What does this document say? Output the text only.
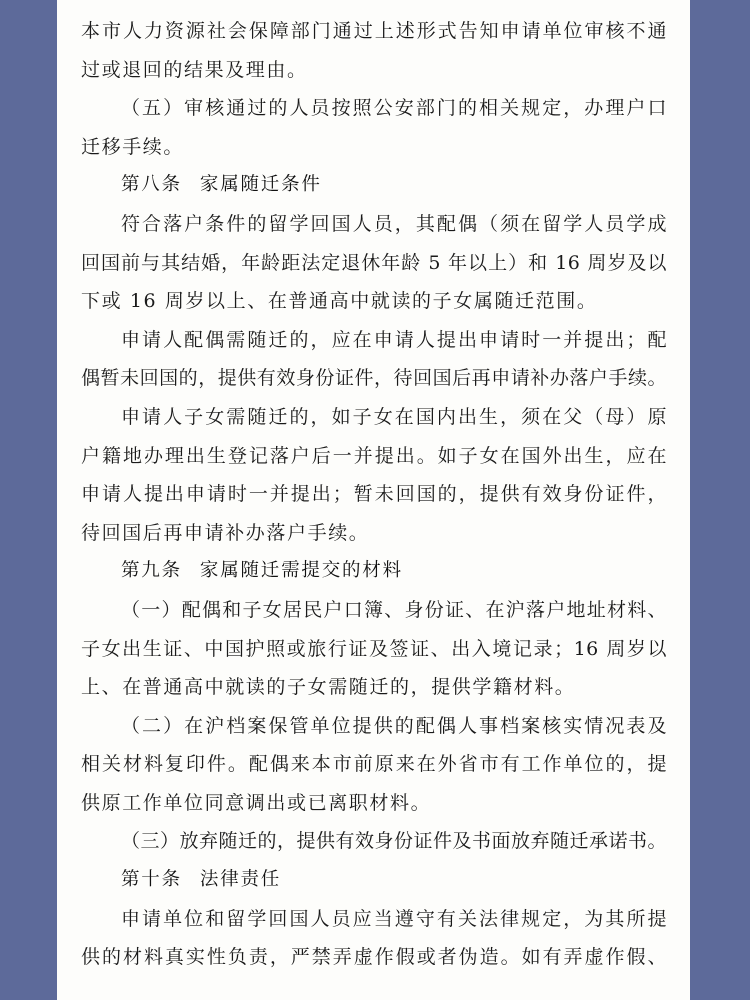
本市人力资源社会保障部门通过上述形式告知申请单位审核不通
过或退回的结果及理由。
（五）审核通过的人员按照公安部门的相关规定，办理户口
迁移手续。
第八条 家属随迁条件
符合落户条件的留学回国人员，其配偶（须在留学人员学成
回国前与其结婚，年龄距法定退休年龄 5 年以上）和 16 周岁及以
下或 16 周岁以上、在普通高中就读的子女属随迁范围。
申请人配偶需随迁的，应在申请人提出申请时一并提出；配
偶暂未回国的，提供有效身份证件，待回国后再申请补办落户手续。
申请人子女需随迁的，如子女在国内出生，须在父（母）原
户籍地办理出生登记落户后一并提出。如子女在国外出生，应在
申请人提出申请时一并提出；暂未回国的，提供有效身份证件，
待回国后再申请补办落户手续。
第九条 家属随迁需提交的材料
（一）配偶和子女居民户口簿、身份证、在沪落户地址材料、
子女出生证、中国护照或旅行证及签证、出入境记录；16 周岁以
上、在普通高中就读的子女需随迁的，提供学籍材料。
（二）在沪档案保管单位提供的配偶人事档案核实情况表及
相关材料复印件。配偶来本市前原来在外省市有工作单位的，提
供原工作单位同意调出或已离职材料。
（三）放弃随迁的，提供有效身份证件及书面放弃随迁承诺书。
第十条 法律责任
申请单位和留学回国人员应当遵守有关法律规定，为其所提
供的材料真实性负责，严禁弄虚作假或者伪造。如有弄虚作假、
